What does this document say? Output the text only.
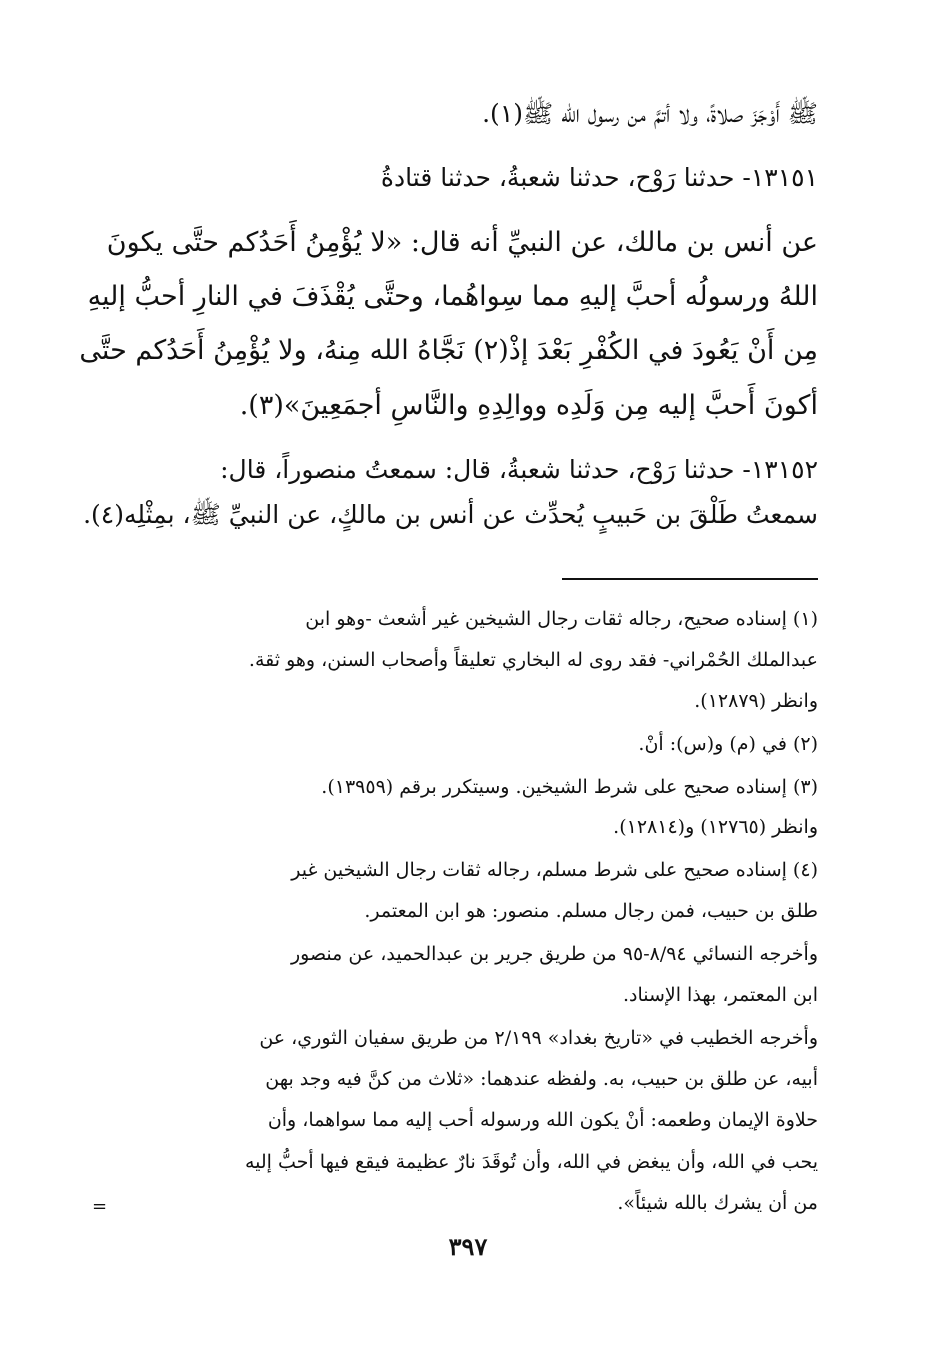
ﷺ أَوْجَزَ صلاةً، ولا أتمَّ من رسول الله ﷺ(١).
١٣١٥١- حدثنا رَوْح، حدثنا شعبةُ، حدثنا قتادةُ
عن أنس بن مالك، عن النبيِّ أنه قال: «لا يُؤْمِنُ أَحَدُكم حتَّى يكونَ
اللهُ ورسولُه أحبَّ إليهِ مما سِواهُما، وحتَّى يُقْذَفَ في النارِ أحبُّ إليهِ
مِن أَنْ يَعُودَ في الكُفْرِ بَعْدَ إذْ(٢) نَجَّاهُ الله مِنهُ، ولا يُؤْمِنُ أَحَدُكم حتَّى
أكونَ أَحبَّ إليه مِن وَلَدِه ووالِدِهِ والنَّاسِ أجمَعِينَ»(٣).
١٣١٥٢- حدثنا رَوْح، حدثنا شعبةُ، قال: سمعتُ منصوراً، قال:
سمعتُ طَلْقَ بن حَبيبٍ يُحدِّث عن أنس بن مالكٍ، عن النبيِّ ﷺ، بمِثْلِه(٤).
(١) إسناده صحيح، رجاله ثقات رجال الشيخين غير أشعث -وهو ابن
عبدالملك الحُمْراني- فقد روى له البخاري تعليقاً وأصحاب السنن، وهو ثقة.
وانظر (١٢٨٧٩).
(٢) في (م) و(س): أنْ.
(٣) إسناده صحيح على شرط الشيخين. وسيتكرر برقم (١٣٩٥٩).
وانظر (١٢٧٦٥) و(١٢٨١٤).
(٤) إسناده صحيح على شرط مسلم، رجاله ثقات رجال الشيخين غير
طلق بن حبيب، فمن رجال مسلم. منصور: هو ابن المعتمر.
وأخرجه النسائي ٨/٩٤-٩٥ من طريق جرير بن عبدالحميد، عن منصور
ابن المعتمر، بهذا الإسناد.
وأخرجه الخطيب في «تاريخ بغداد» ٢/١٩٩ من طريق سفيان الثوري، عن
أبيه، عن طلق بن حبيب، به. ولفظه عندهما: «ثلاث من كنَّ فيه وجد بهن
حلاوة الإيمان وطعمه: أنْ يكون الله ورسوله أحب إليه مما سواهما، وأن
يحب في الله، وأن يبغض في الله، وأن تُوقَدَ نارٌ عظيمة فيقع فيها أحبُّ إليه
من أن يشرك بالله شيئاً».
=
٣٩٧
